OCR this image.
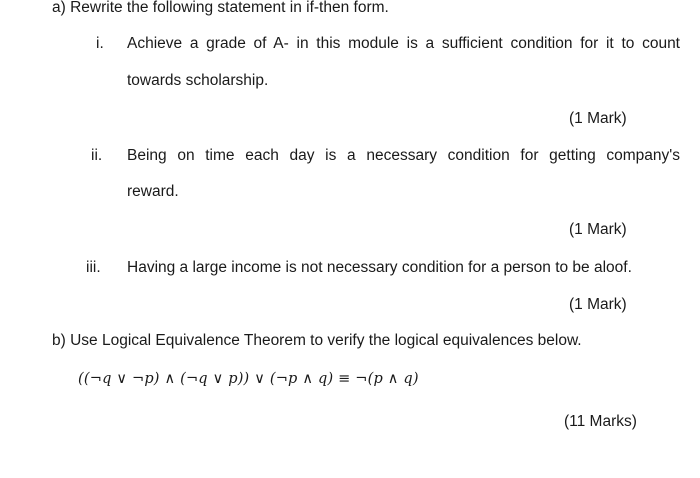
a) Rewrite the following statement in if-then form.
i. Achieve a grade of A- in this module is a sufficient condition for it to count
towards scholarship.
(1 Mark)
ii. Being on time each day is a necessary condition for getting company's
reward.
(1 Mark)
iii. Having a large income is not necessary condition for a person to be aloof.
(1 Mark)
b) Use Logical Equivalence Theorem to verify the logical equivalences below.
((¬q ∨ ¬p) ∧ (¬q ∨ p)) ∨ (¬p ∧ q) ≡ ¬(p ∧ q)
(11 Marks)
